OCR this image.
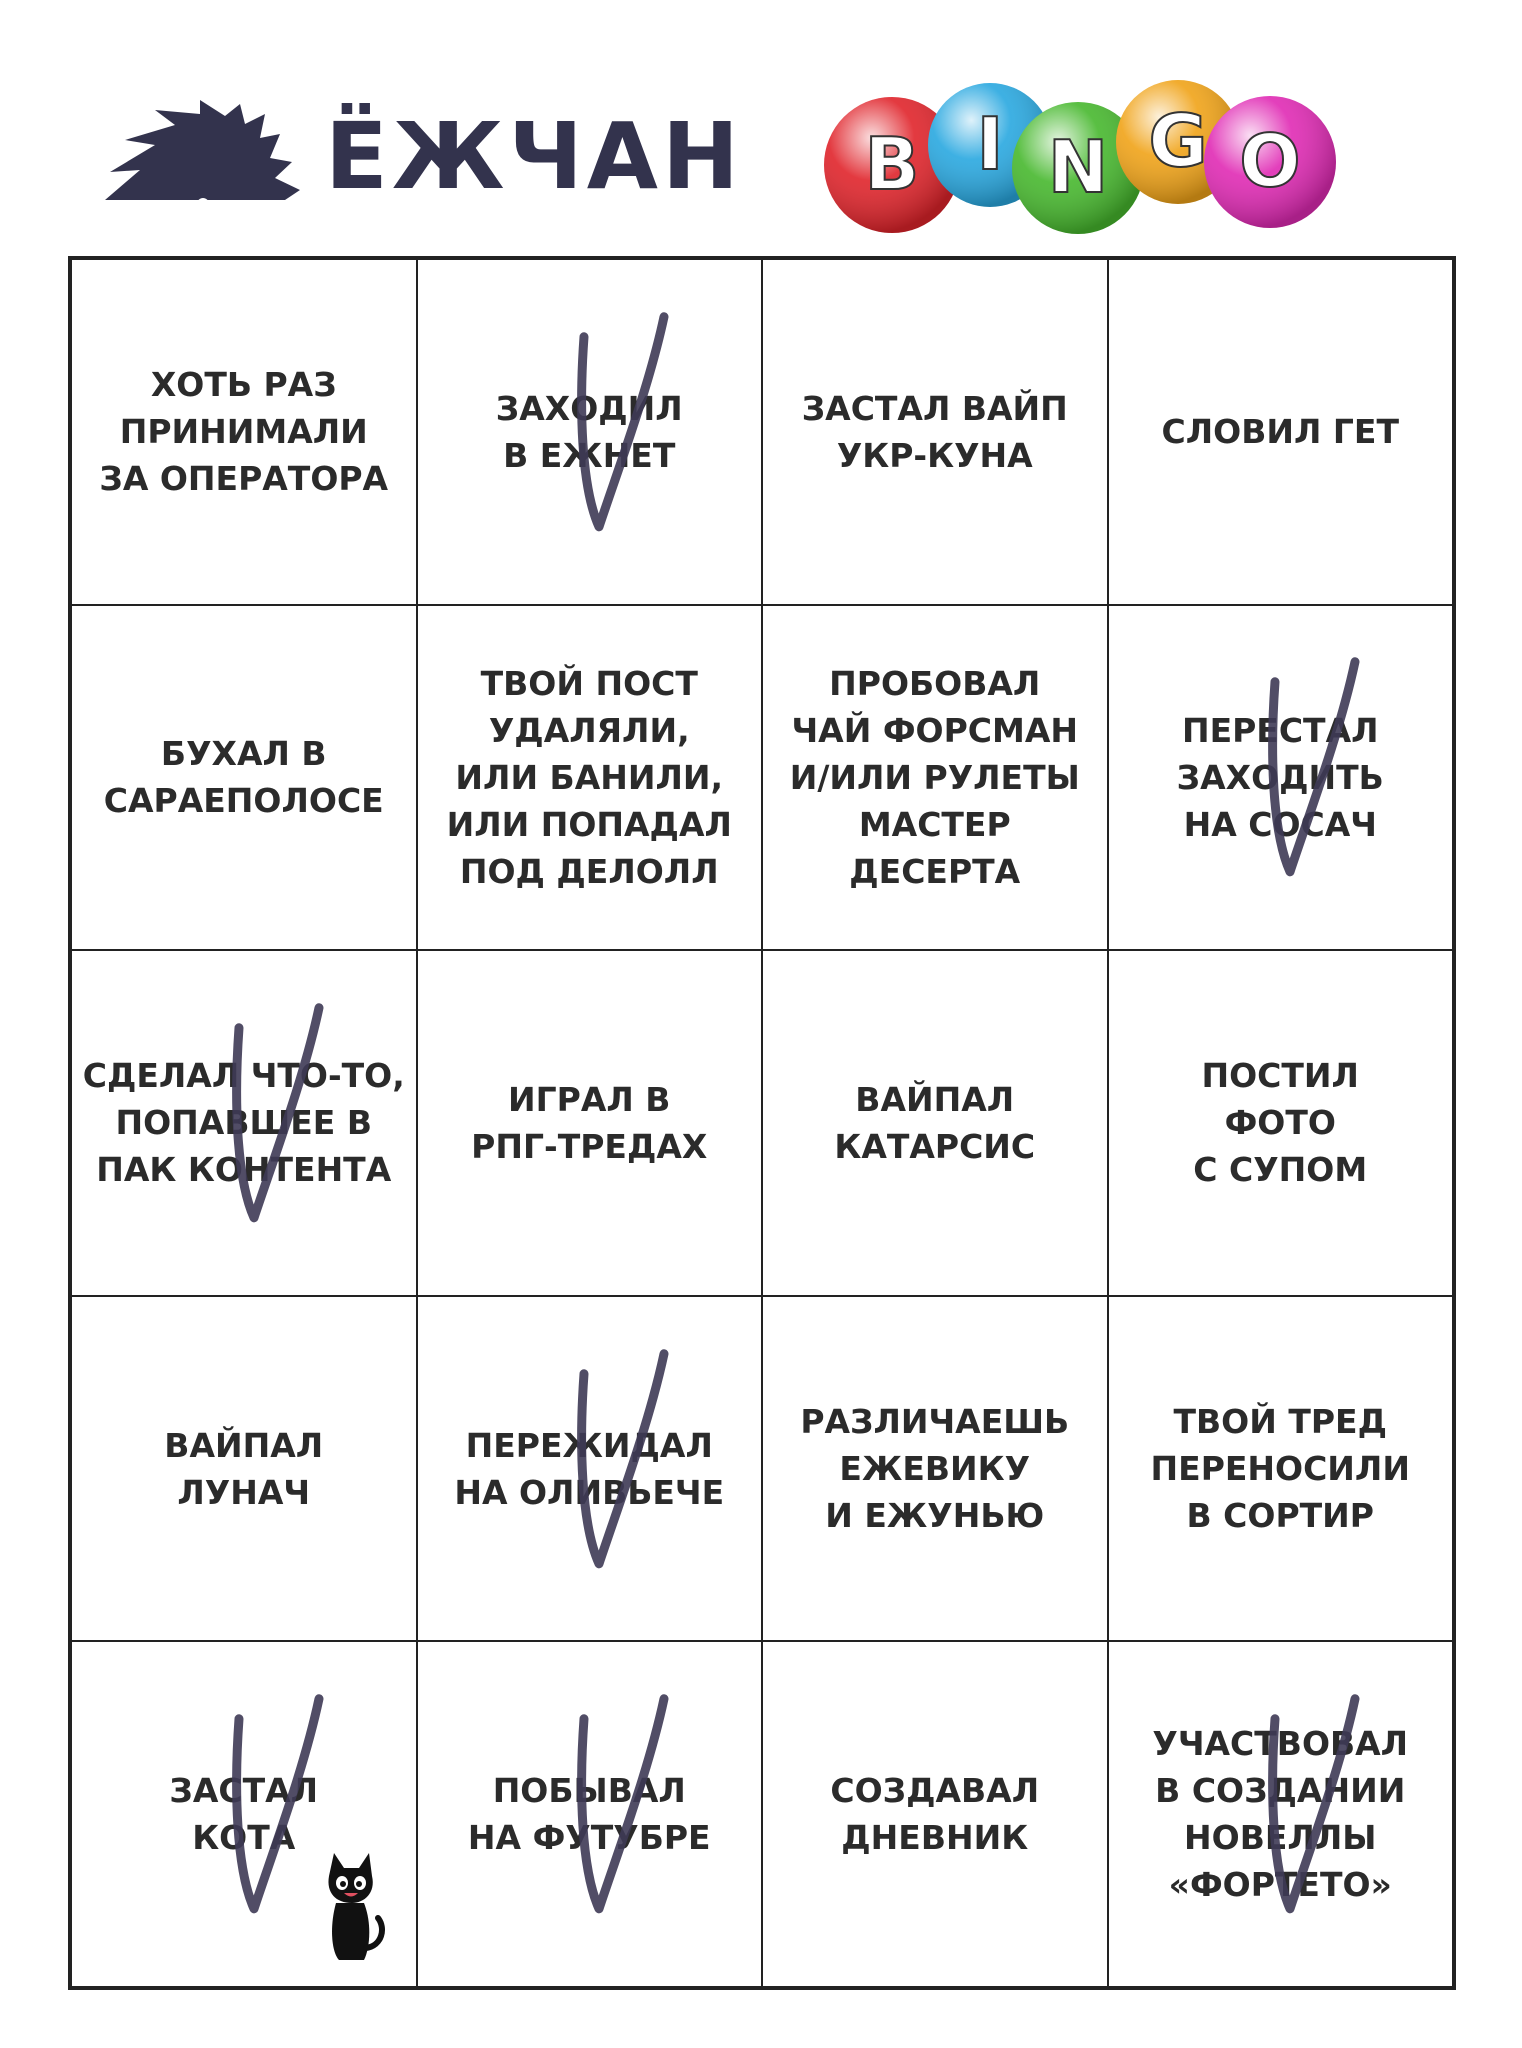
ЁЖЧАН B I N G O
ХОТЬ РАЗ
ПРИНИМАЛИ
ЗА ОПЕРАТОРА
ЗАХОДИЛ
В ЕЖНЕТ
ЗАСТАЛ ВАЙП
УКР-КУНА
СЛОВИЛ ГЕТ
БУХАЛ В
САРАЕПОЛОСЕ
ТВОЙ ПОСТ
УДАЛЯЛИ,
ИЛИ БАНИЛИ,
ИЛИ ПОПАДАЛ
ПОД ДЕЛОЛЛ
ПРОБОВАЛ
ЧАЙ ФОРСМАН
И/ИЛИ РУЛЕТЫ
МАСТЕР
ДЕСЕРТА
ПЕРЕСТАЛ
ЗАХОДИТЬ
НА СОСАЧ
СДЕЛАЛ ЧТО-ТО,
ПОПАВШЕЕ В
ПАК КОНТЕНТА
ИГРАЛ В
РПГ-ТРЕДАХ
ВАЙПАЛ
КАТАРСИС
ПОСТИЛ
ФОТО
С СУПОМ
ВАЙПАЛ
ЛУНАЧ
ПЕРЕЖИДАЛ
НА ОЛИВЬЕЧЕ
РАЗЛИЧАЕШЬ
ЕЖЕВИКУ
И ЕЖУНЬЮ
ТВОЙ ТРЕД
ПЕРЕНОСИЛИ
В СОРТИР
ЗАСТАЛ
КОТА
ПОБЫВАЛ
НА ФУТУБРЕ
СОЗДАВАЛ
ДНЕВНИК
УЧАСТВОВАЛ
В СОЗДАНИИ
НОВЕЛЛЫ
«ФОРТЕТО»
